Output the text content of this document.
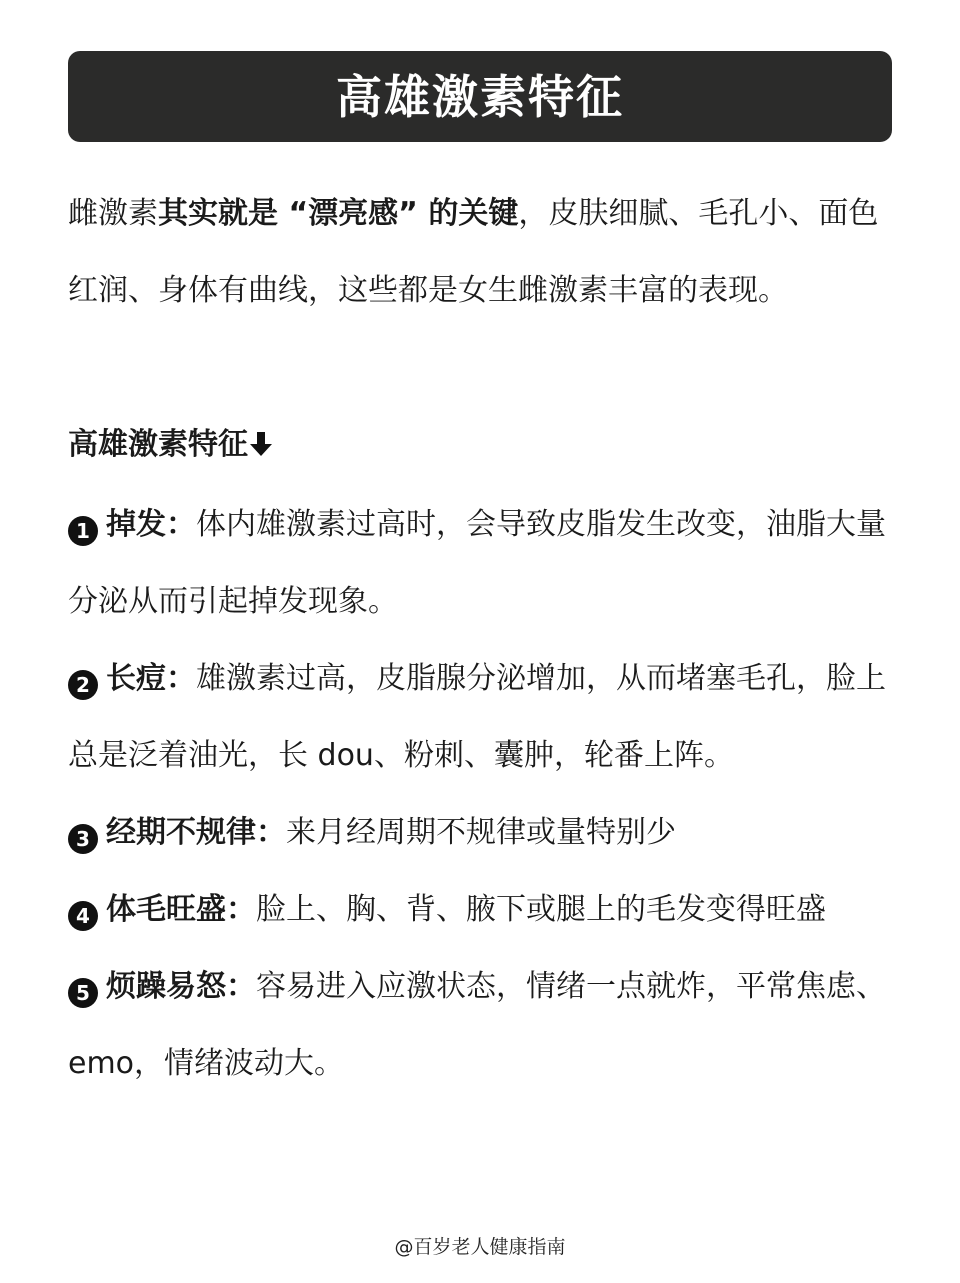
高雄激素特征

雌激素其实就是 “漂亮感” 的关键，皮肤细腻、毛孔小、面色红润、身体有曲线，这些都是女生雌激素丰富的表现。

高雄激素特征

1 掉发：体内雄激素过高时，会导致皮脂发生改变，油脂大量分泌从而引起掉发现象。

2 长痘：雄激素过高，皮脂腺分泌增加，从而堵塞毛孔，脸上总是泛着油光，长 dou、粉刺、囊肿，轮番上阵。

3 经期不规律：来月经周期不规律或量特别少

4 体毛旺盛：脸上、胸、背、腋下或腿上的毛发变得旺盛

5 烦躁易怒：容易进入应激状态，情绪一点就炸，平常焦虑、emo，情绪波动大。

@百岁老人健康指南
